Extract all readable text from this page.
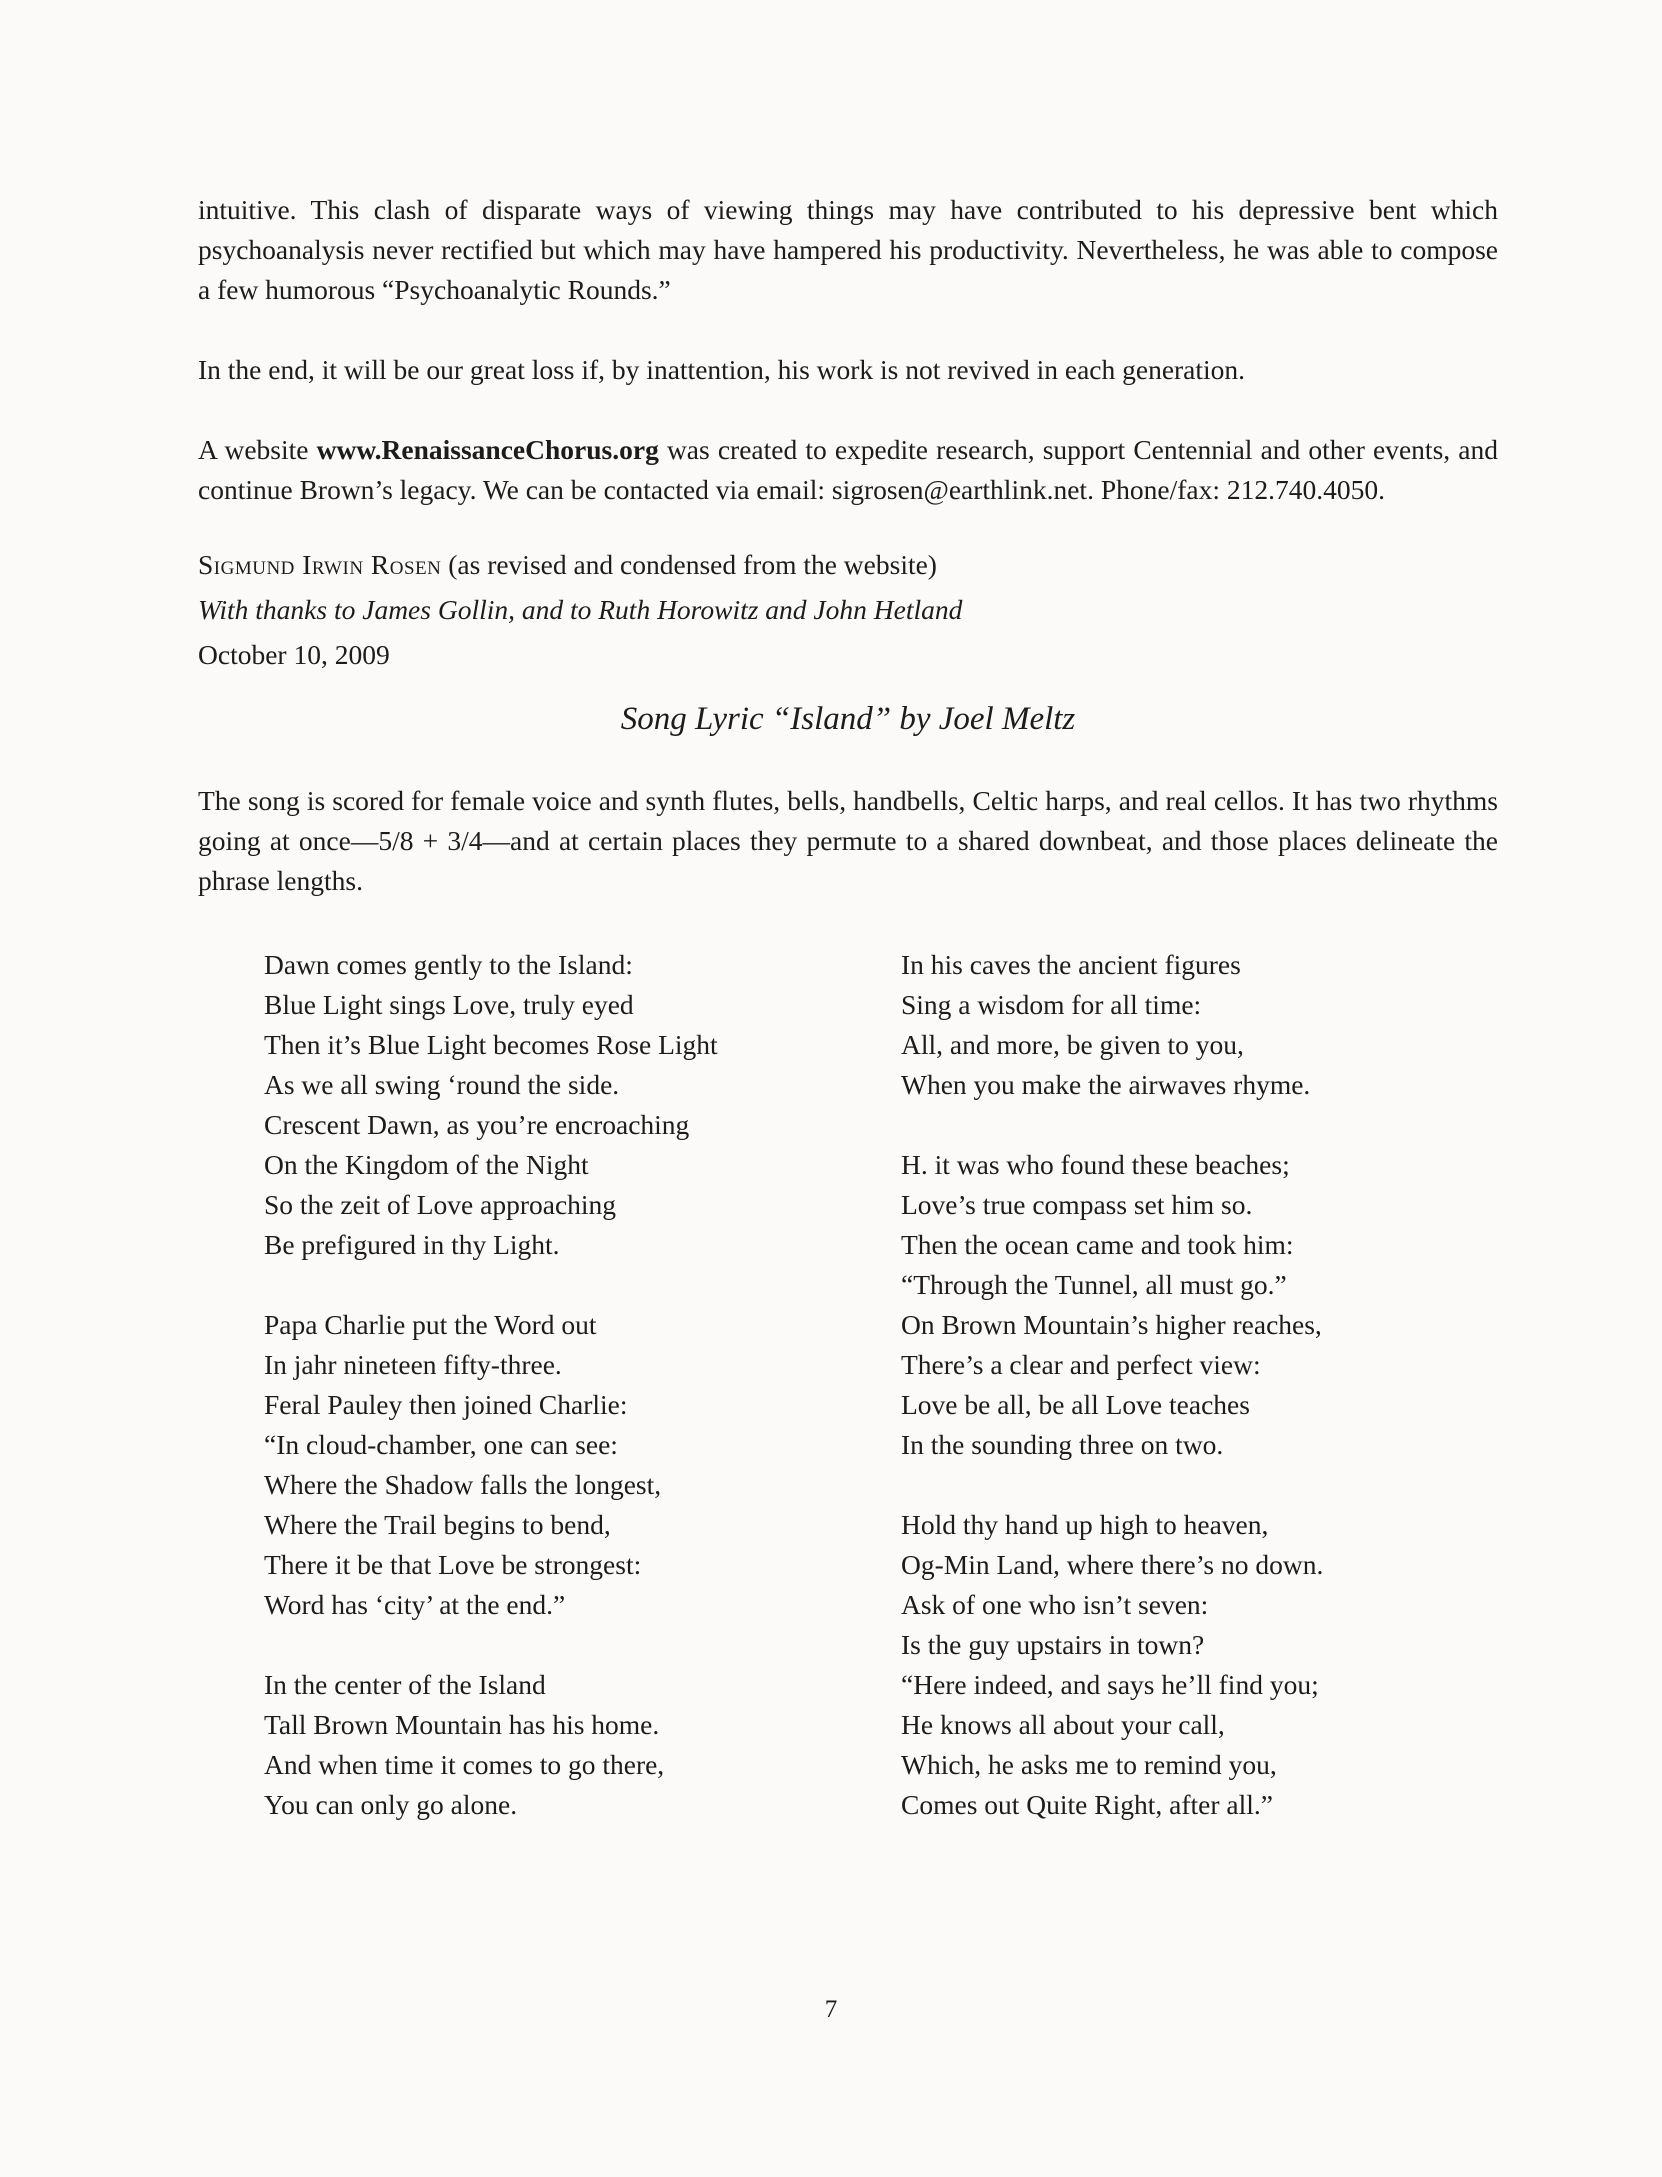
intuitive. This clash of disparate ways of viewing things may have contributed to his depressive bent which psychoanalysis never rectified but which may have hampered his productivity. Nevertheless, he was able to compose a few humorous “Psychoanalytic Rounds.”

In the end, it will be our great loss if, by inattention, his work is not revived in each generation.

A website www.RenaissanceChorus.org was created to expedite research, support Centennial and other events, and continue Brown’s legacy. We can be contacted via email: sigrosen@earthlink.net. Phone/fax: 212.740.4050.

Sigmund Irwin Rosen (as revised and condensed from the website)
With thanks to James Gollin, and to Ruth Horowitz and John Hetland
October 10, 2009
Song Lyric “Island” by Joel Meltz

The song is scored for female voice and synth flutes, bells, handbells, Celtic harps, and real cellos. It has two rhythms going at once—5/8 + 3/4—and at certain places they permute to a shared downbeat, and those places delineate the phrase lengths.

Dawn comes gently to the Island:
Blue Light sings Love, truly eyed
Then it’s Blue Light becomes Rose Light
As we all swing ‘round the side.
Crescent Dawn, as you’re encroaching
On the Kingdom of the Night
So the zeit of Love approaching
Be prefigured in thy Light.
Papa Charlie put the Word out
In jahr nineteen fifty-three.
Feral Pauley then joined Charlie:
“In cloud-chamber, one can see:
Where the Shadow falls the longest,
Where the Trail begins to bend,
There it be that Love be strongest:
Word has ‘city’ at the end.”
In the center of the Island
Tall Brown Mountain has his home.
And when time it comes to go there,
You can only go alone.
In his caves the ancient figures
Sing a wisdom for all time:
All, and more, be given to you,
When you make the airwaves rhyme.
H. it was who found these beaches;
Love’s true compass set him so.
Then the ocean came and took him:
“Through the Tunnel, all must go.”
On Brown Mountain’s higher reaches,
There’s a clear and perfect view:
Love be all, be all Love teaches
In the sounding three on two.
Hold thy hand up high to heaven,
Og-Min Land, where there’s no down.
Ask of one who isn’t seven:
Is the guy upstairs in town?
“Here indeed, and says he’ll find you;
He knows all about your call,
Which, he asks me to remind you,
Comes out Quite Right, after all.”
7
